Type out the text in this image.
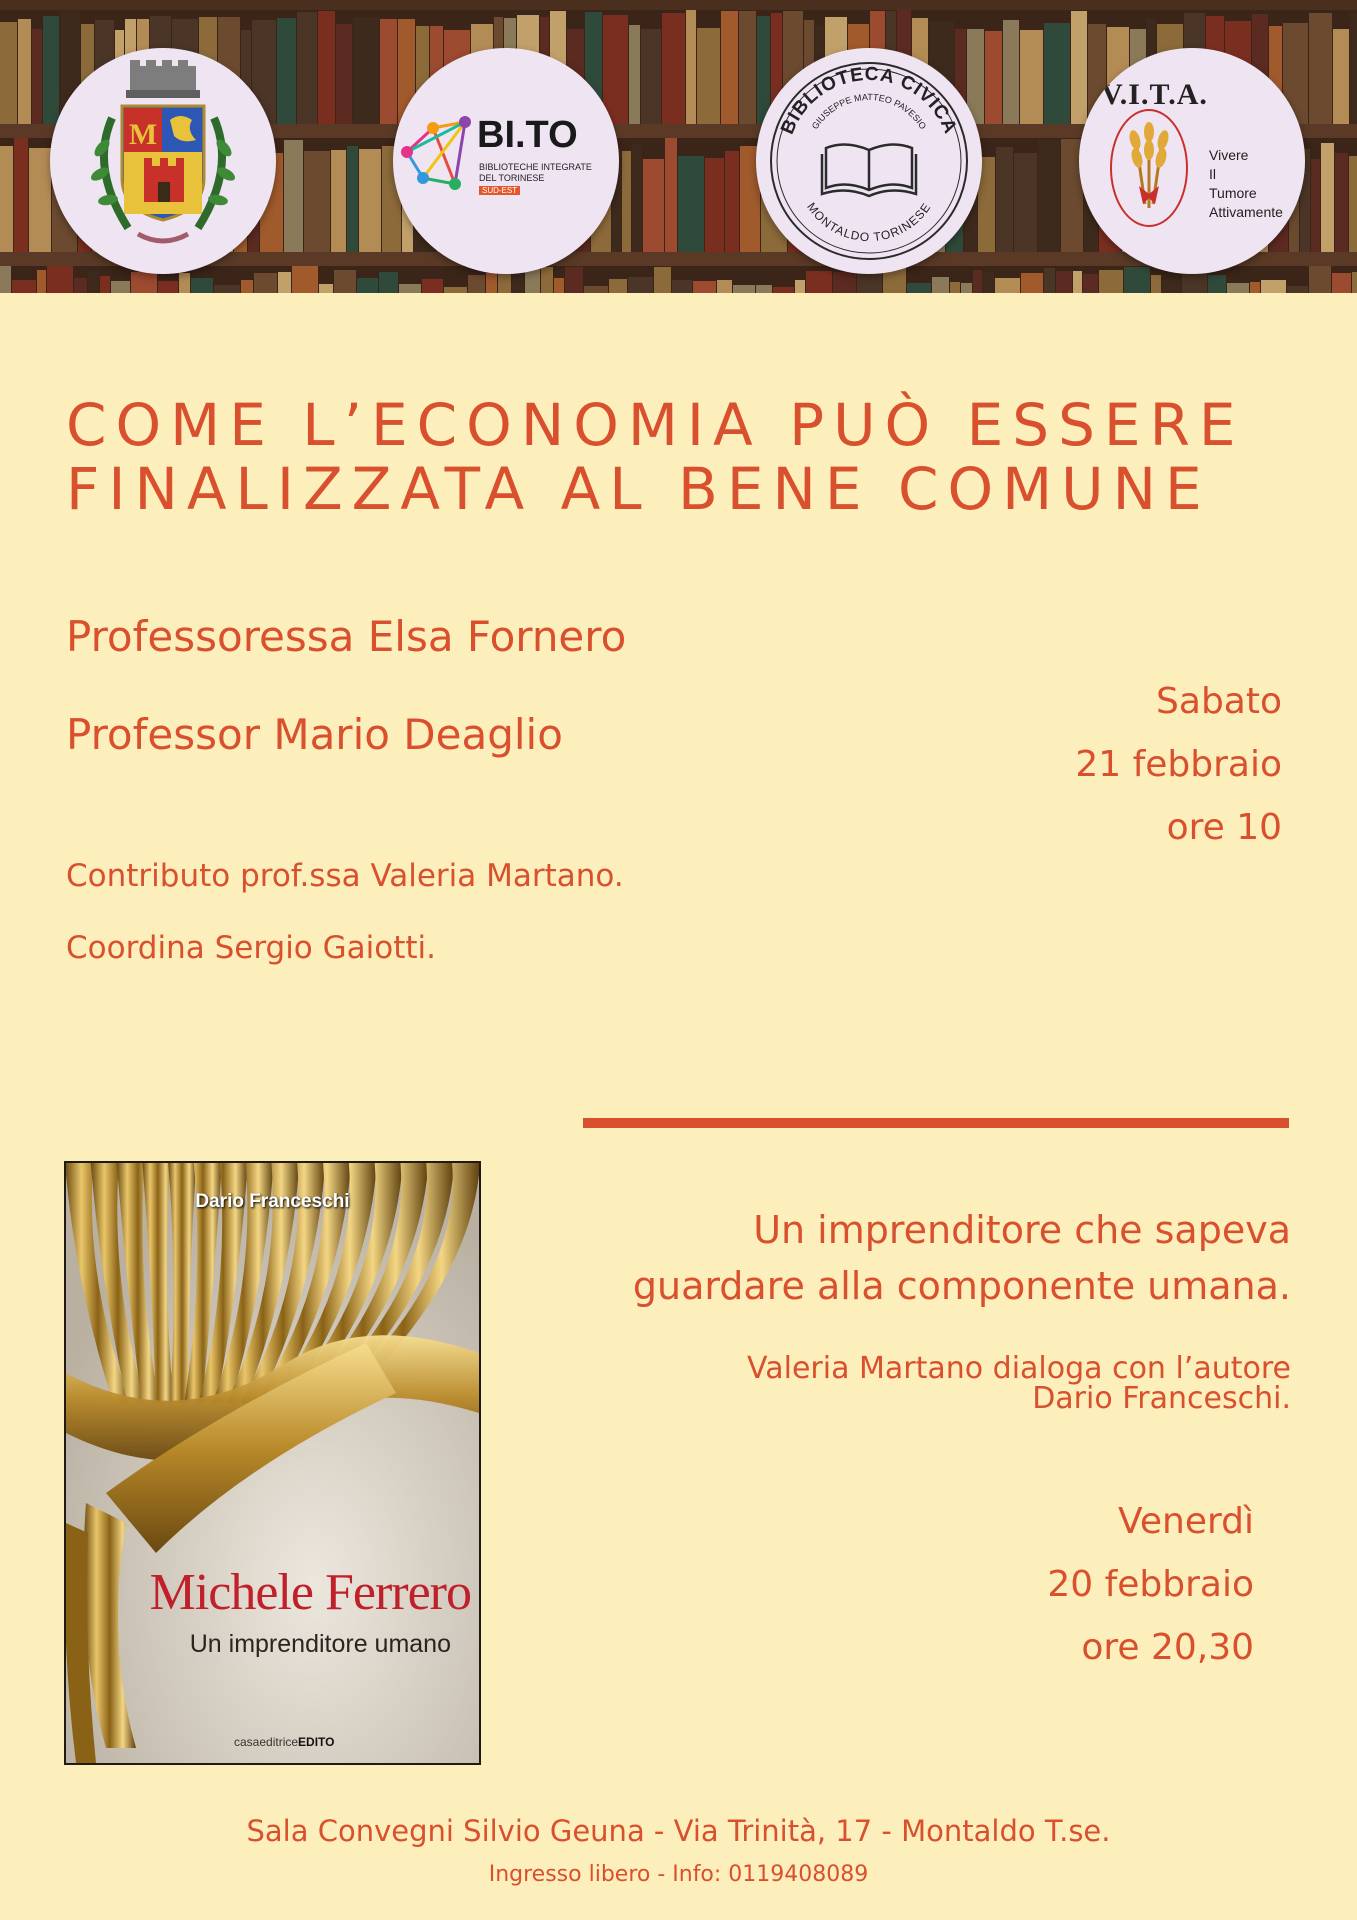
M	BI.TO
BIBLIOTECHE INTEGRATE
DEL TORINESE
SUD-EST
BIBLIOTECA CIVICA
GIUSEPPE MATTEO PAVESIO
MONTALDO TORINESE
V.I.T.A.
Vivere
Il
Tumore
Attivamente
COME L’ECONOMIA PUÒ ESSERE
FINALIZZATA AL BENE COMUNE
Professoressa Elsa Fornero
Professor Mario Deaglio
Contributo prof.ssa Valeria Martano.
Coordina Sergio Gaiotti.
Sabato
21 febbraio
ore 10
Dario Franceschi
Michele Ferrero
Un imprenditore umano
casaeditriceEDITO
Un imprenditore che sapeva
guardare alla componente umana.
Valeria Martano dialoga con l’autore
Dario Franceschi.
Venerdì
20 febbraio
ore 20,30
Sala Convegni Silvio Geuna - Via Trinità, 17 - Montaldo T.se.
Ingresso libero - Info: 0119408089
